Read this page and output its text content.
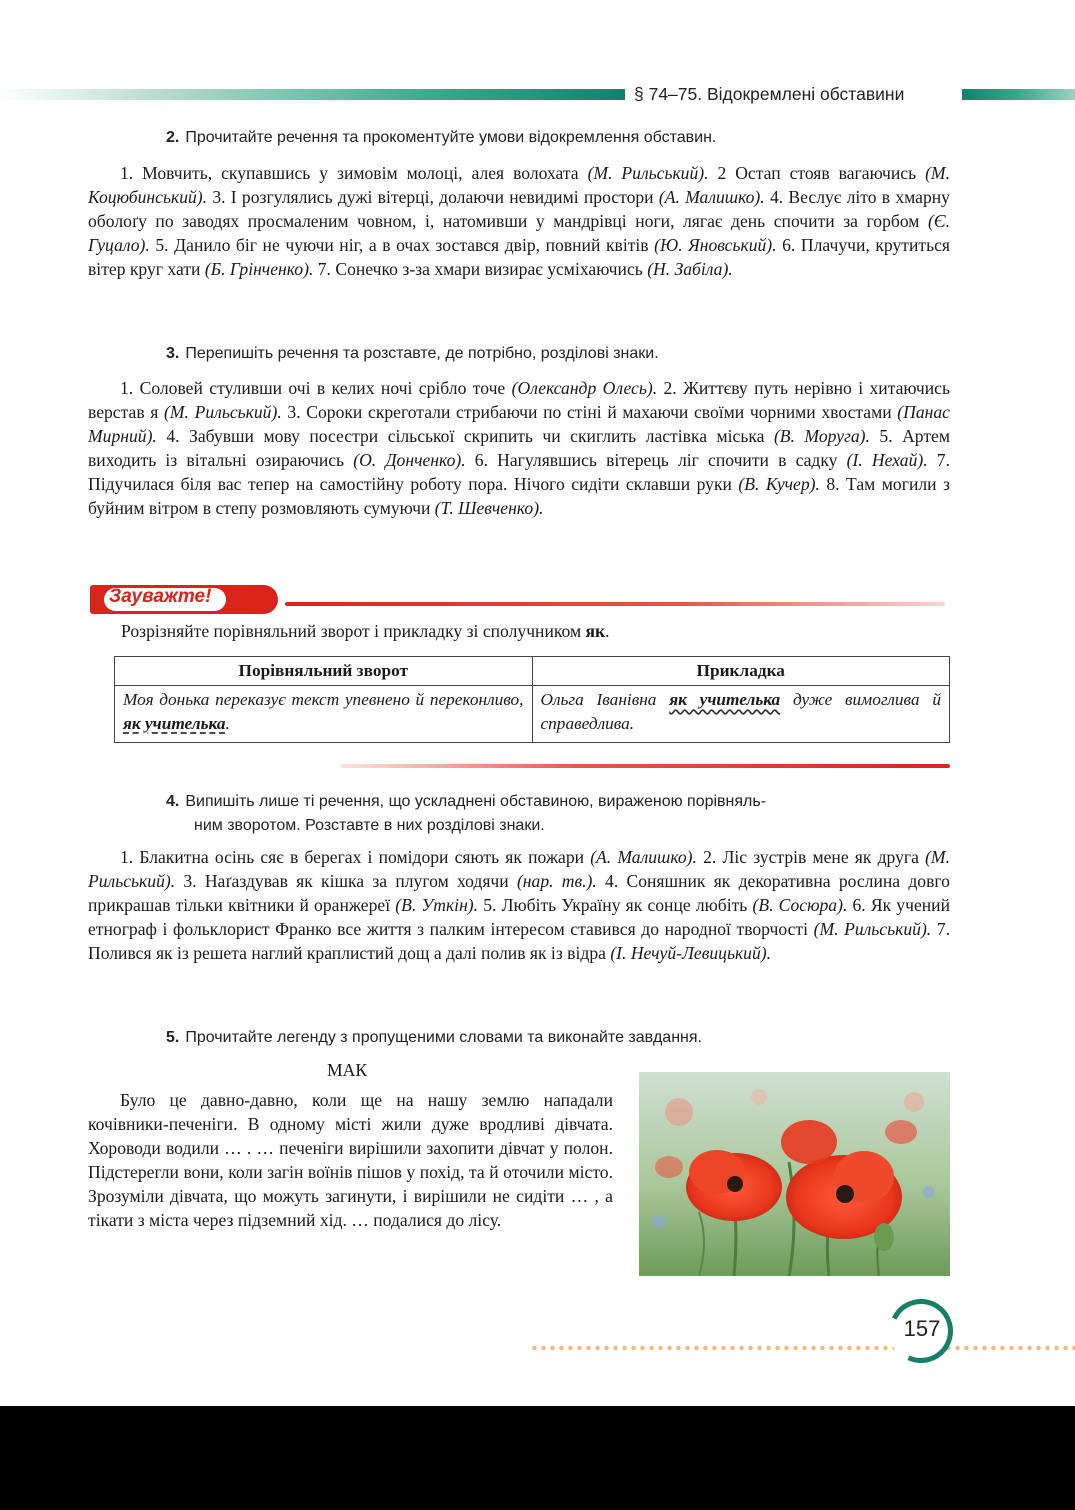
§ 74–75. Відокремлені обставини
2. Прочитайте речення та прокоментуйте умови відокремлення обставин.

1. Мовчить, скупавшись у зимовім молоці, алея волохата (М. Рильський). 2 Остап стояв вагаючись (М. Коцюбинський). 3. І розгулялись дужі вітерці, долаючи невидимі простори (А. Малишко). 4. Веслує літо в хмарну оболоґу по заводях просмаленим човном, і, натомивши у мандрівці ноги, лягає день спочити за горбом (Є. Гуцало). 5. Данило біг не чуючи ніг, а в очах зостався двір, повний квітів (Ю. Яновський). 6. Плачучи, крутиться вітер круг хати (Б. Грінченко). 7. Сонечко з-за хмари визирає усміхаючись (Н. Забіла).

3. Перепишіть речення та розставте, де потрібно, розділові знаки.

1. Соловей стуливши очі в келих ночі срібло точе (Олександр Олесь). 2. Життєву путь нерівно і хитаючись верстав я (М. Рильський). 3. Сороки скреготали стрибаючи по стіні й махаючи своїми чорними хвостами (Панас Мирний). 4. Забувши мову посестри сільської скрипить чи скиглить ластівка міська (В. Моруга). 5. Артем виходить із вітальні озираючись (О. Донченко). 6. Нагулявшись вітерець ліг спочити в садку (І. Нехай). 7. Підучилася біля вас тепер на самостійну роботу пора. Нічого сидіти склавши руки (В. Кучер). 8. Там могили з буйним вітром в степу розмовляють сумуючи (Т. Шевченко).

Зауважте!
Розрізняйте порівняльний зворот і прикладку зі сполучником як.
Порівняльний зворот	Прикладка
Моя донька переказує текст упевнено й переконливо, як учителька.	Ольга Іванівна як учителька дуже вимоглива й справедлива.
4. Випишіть лише ті речення, що ускладнені обставиною, вираженою порівняль-
ним зворотом. Розставте в них розділові знаки.

1. Блакитна осінь сяє в берегах і помідори сяють як пожари (А. Малишко). 2. Ліс зустрів мене як друга (М. Рильський). 3. Наґаздував як кішка за плугом ходячи (нар. тв.). 4. Соняшник як декоративна рослина довго прикрашав тільки квітники й оранжереї (В. Уткін). 5. Любіть Україну як сонце любіть (В. Сосюра). 6. Як учений етнограф і фольклорист Франко все життя з палким інтересом ставився до народної творчості (М. Рильський). 7. Полився як із решета наглий краплистий дощ а далі полив як із відра (І. Нечуй-Левицький).

5. Прочитайте легенду з пропущеними словами та виконайте завдання.
МАК

Було це давно-давно, коли ще на нашу землю нападали кочівники-печеніги. В одному місті жили дуже вродливі дівчата. Хороводи водили … . … печеніги вирішили захопити дівчат у полон. Підстерегли вони, коли загін воїнів пішов у похід, та й оточили місто. Зрозуміли дівчата, що можуть загинути, і вирішили не сидіти … , а тікати з міста через підземний хід. … подалися до лісу.

157
